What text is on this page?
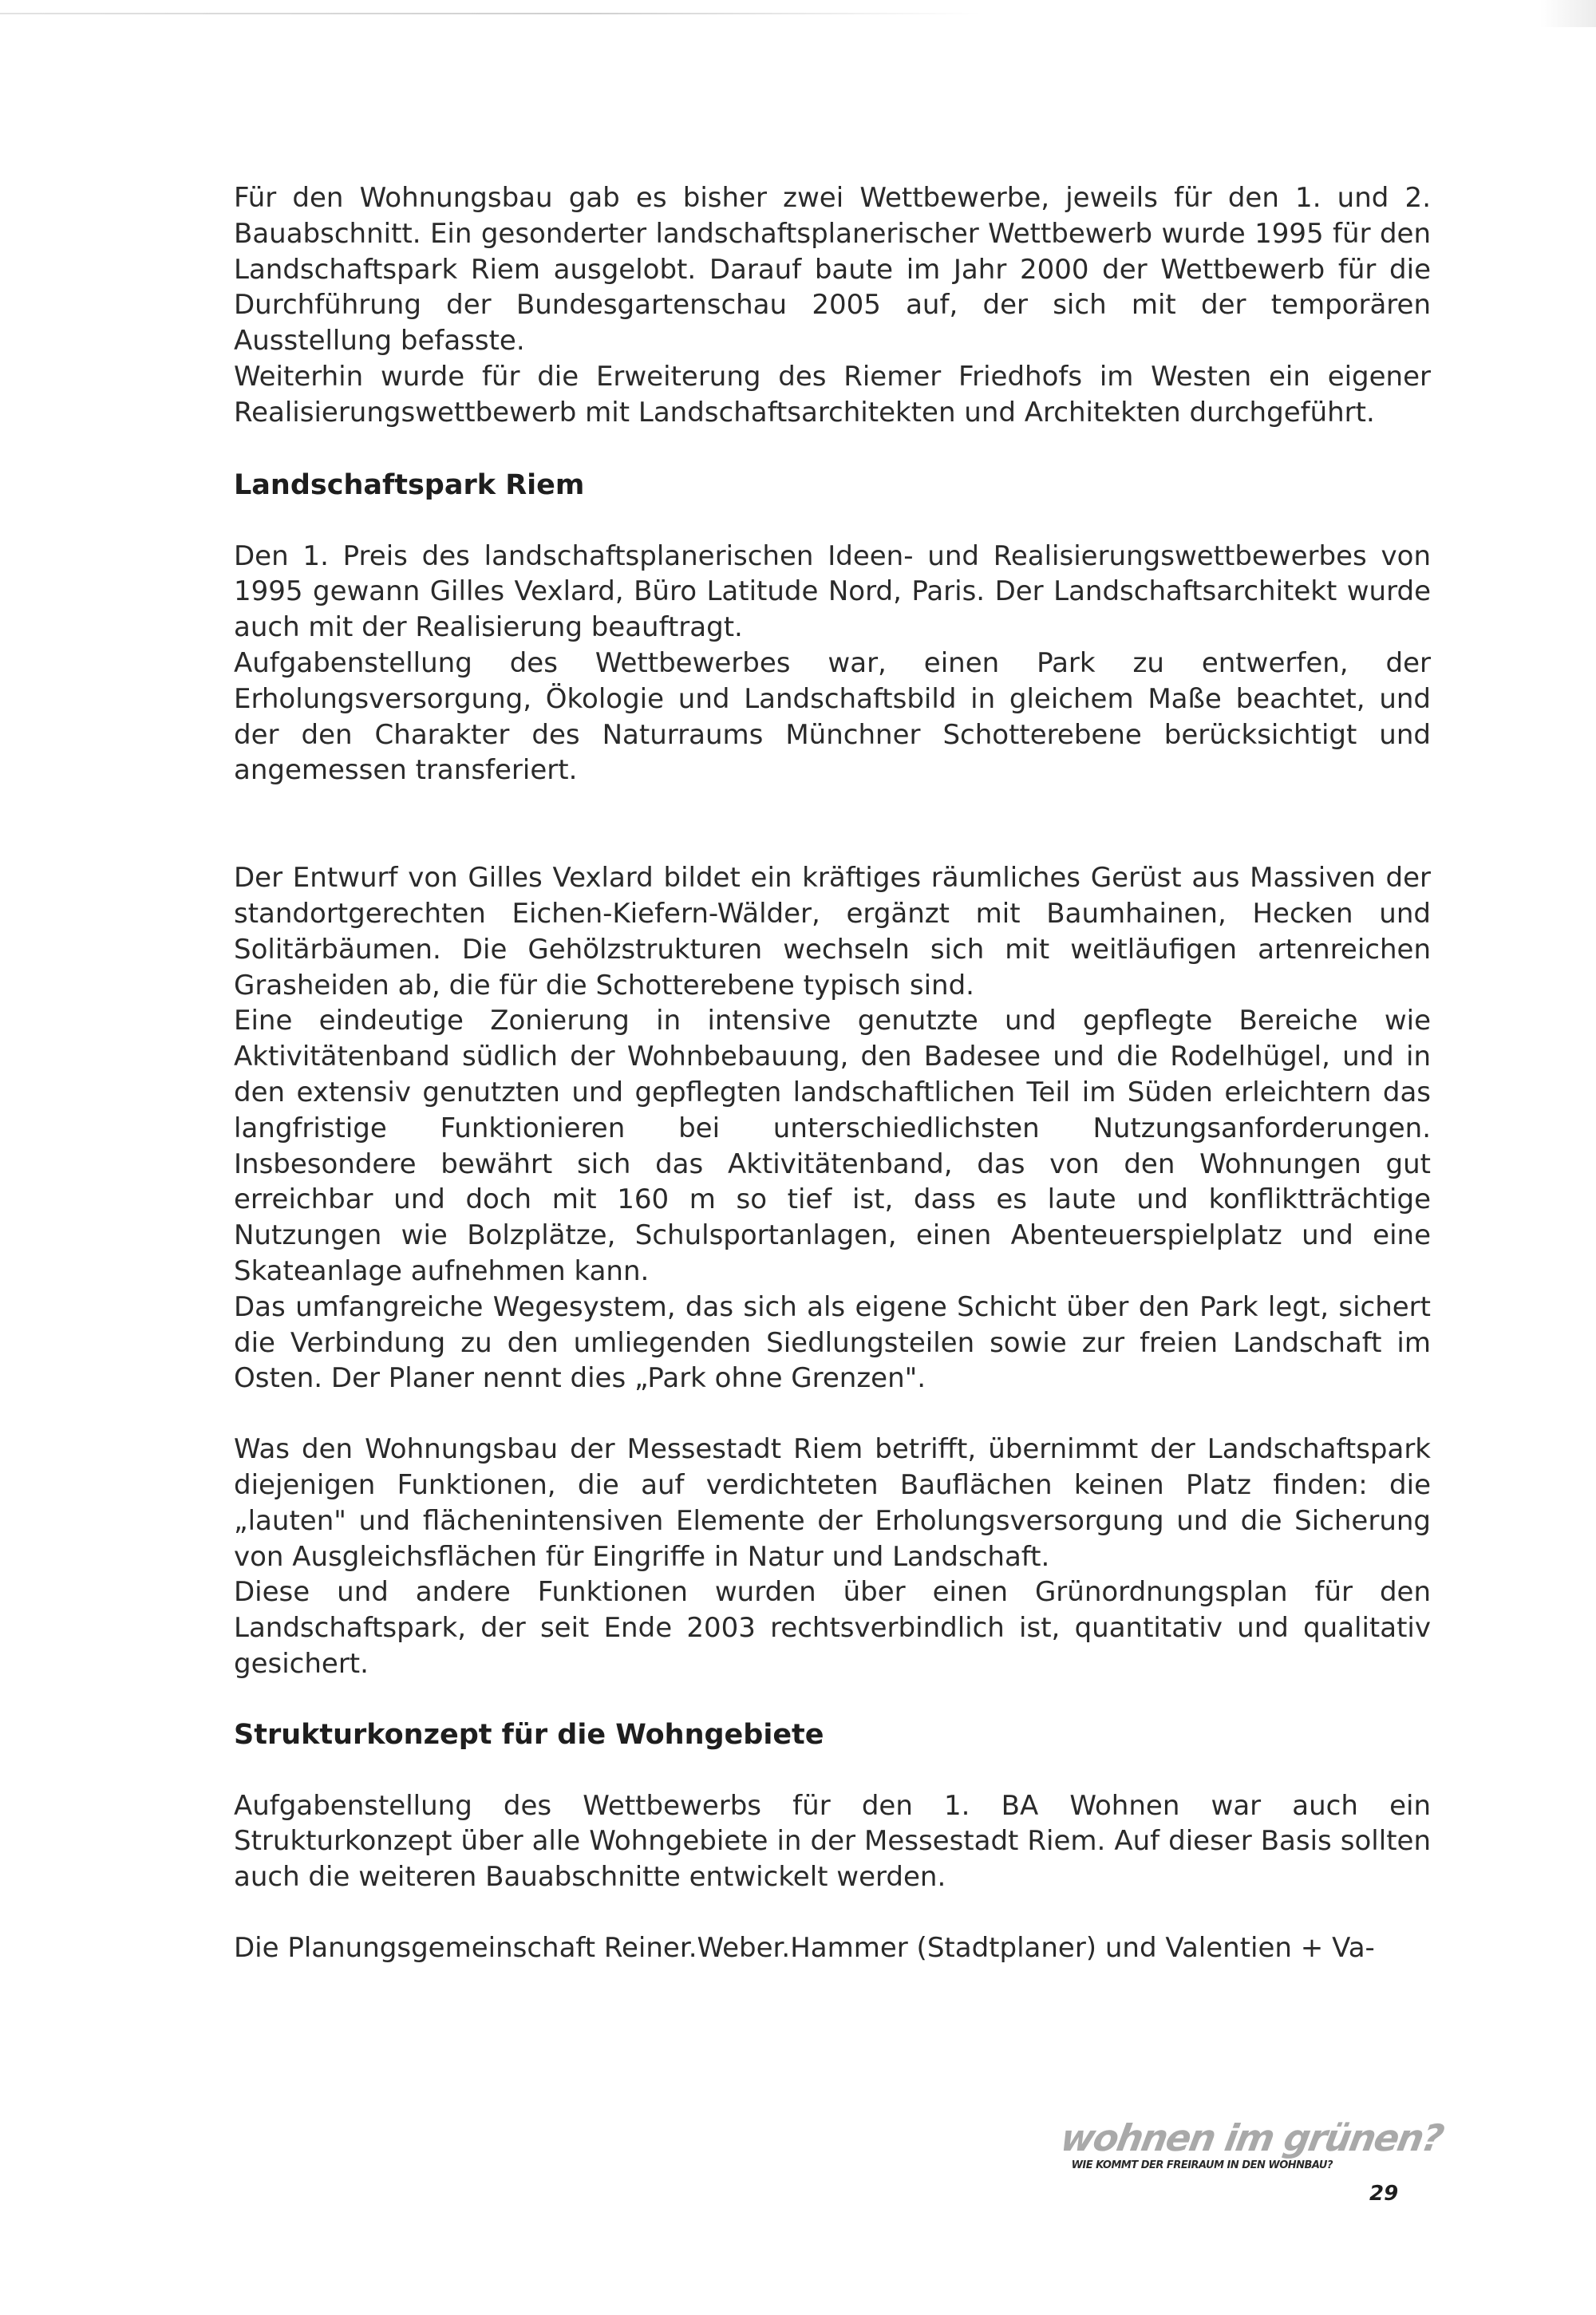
Für den Wohnungsbau gab es bisher zwei Wettbewerbe, jeweils für den 1. und 2. Bauabschnitt. Ein gesonderter landschaftsplanerischer Wettbewerb wurde 1995 für den Landschaftspark Riem ausgelobt. Darauf baute im Jahr 2000 der Wettbewerb für die Durchführung der Bundesgartenschau 2005 auf, der sich mit der temporären Ausstellung befasste.

Weiterhin wurde für die Erweiterung des Riemer Friedhofs im Westen ein eigener Realisierungswettbewerb mit Landschaftsarchitekten und Architekten durchgeführt.

Landschaftspark Riem

Den 1. Preis des landschaftsplanerischen Ideen- und Realisierungswettbewerbes von 1995 gewann Gilles Vexlard, Büro Latitude Nord, Paris. Der Landschaftsarchitekt wurde auch mit der Realisierung beauftragt.

Aufgabenstellung des Wettbewerbes war, einen Park zu entwerfen, der Erholungsversorgung, Ökologie und Landschaftsbild in gleichem Maße beachtet, und der den Charakter des Naturraums Münchner Schotterebene berücksichtigt und angemessen transferiert.

Der Entwurf von Gilles Vexlard bildet ein kräftiges räumliches Gerüst aus Massiven der standortgerechten Eichen-Kiefern-Wälder, ergänzt mit Baumhainen, Hecken und Solitärbäumen. Die Gehölzstrukturen wechseln sich mit weitläufigen artenreichen Grasheiden ab, die für die Schotterebene typisch sind.

Eine eindeutige Zonierung in intensive genutzte und gepflegte Bereiche wie Aktivitätenband südlich der Wohnbebauung, den Badesee und die Rodelhügel, und in den extensiv genutzten und gepflegten landschaftlichen Teil im Süden erleichtern das langfristige Funktionieren bei unterschiedlichsten Nutzungsanforderungen. Insbesondere bewährt sich das Aktivitätenband, das von den Wohnungen gut erreichbar und doch mit 160 m so tief ist, dass es laute und konfliktträchtige Nutzungen wie Bolzplätze, Schulsportanlagen, einen Abenteuerspielplatz und eine Skateanlage aufnehmen kann.

Das umfangreiche Wegesystem, das sich als eigene Schicht über den Park legt, sichert die Verbindung zu den umliegenden Siedlungsteilen sowie zur freien Landschaft im Osten. Der Planer nennt dies „Park ohne Grenzen".

Was den Wohnungsbau der Messestadt Riem betrifft, übernimmt der Landschaftspark diejenigen Funktionen, die auf verdichteten Bauflächen keinen Platz finden: die „lauten" und flächenintensiven Elemente der Erholungsversorgung und die Sicherung von Ausgleichsflächen für Eingriffe in Natur und Landschaft.

Diese und andere Funktionen wurden über einen Grünordnungsplan für den Landschaftspark, der seit Ende 2003 rechtsverbindlich ist, quantitativ und qualitativ gesichert.

Strukturkonzept für die Wohngebiete

Aufgabenstellung des Wettbewerbs für den 1. BA Wohnen war auch ein Strukturkonzept über alle Wohngebiete in der Messestadt Riem. Auf dieser Basis sollten auch die weiteren Bauabschnitte entwickelt werden.

Die Planungsgemeinschaft Reiner.Weber.Hammer (Stadtplaner) und Valentien + Va-

wohnen im grünen?
WIE KOMMT DER FREIRAUM IN DEN WOHNBAU?
29
